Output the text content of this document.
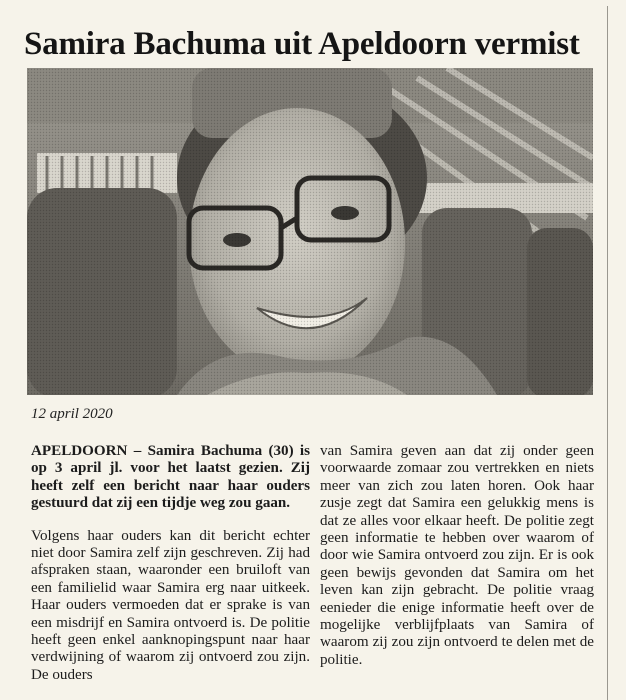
Samira Bachuma uit Apeldoorn vermist
12 april 2020

APELDOORN – Samira Bachuma (30) is op 3 april jl. voor het laatst gezien. Zij heeft zelf een bericht naar haar ouders gestuurd dat zij een tijdje weg zou gaan.

Volgens haar ouders kan dit bericht echter niet door Samira zelf zijn geschreven. Zij had afspraken staan, waaronder een bruiloft van een familielid waar Samira erg naar uitkeek. Haar ouders vermoeden dat er sprake is van een misdrijf en Samira ontvoerd is. De politie heeft geen enkel aanknopingspunt naar haar verdwijning of waarom zij ontvoerd zou zijn. De ouders

van Samira geven aan dat zij onder geen voorwaarde zomaar zou vertrekken en niets meer van zich zou laten horen. Ook haar zusje zegt dat Samira een gelukkig mens is dat ze alles voor elkaar heeft. De politie zegt geen informatie te hebben over waarom of door wie Samira ontvoerd zou zijn. Er is ook geen bewijs gevonden dat Samira om het leven kan zijn gebracht. De politie vraag eenieder die enige informatie heeft over de mogelijke verblijfplaats van Samira of waarom zij zou zijn ontvoerd te delen met de politie.
